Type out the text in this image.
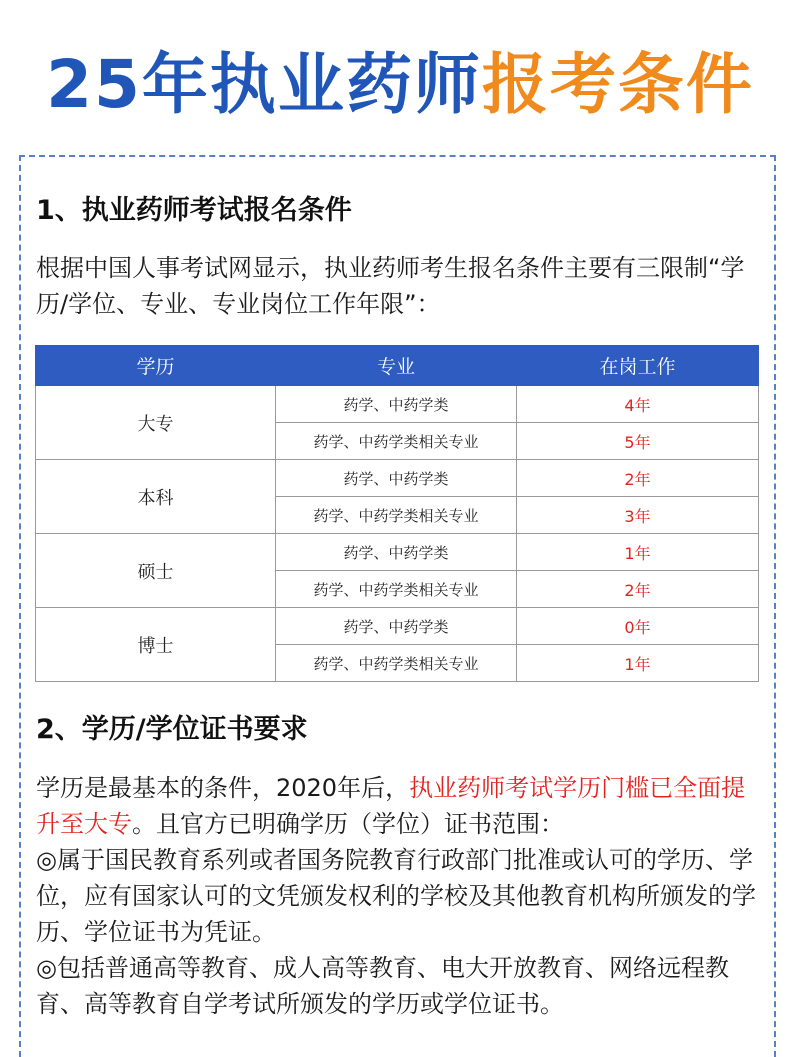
25年执业药师报考条件
1、执业药师考试报名条件
根据中国人事考试网显示，执业药师考生报名条件主要有三限制“学历/学位、专业、专业岗位工作年限”：
学历	专业	在岗工作
大专	药学、中药学类	4年
	药学、中药学类相关专业	5年
本科	药学、中药学类	2年
	药学、中药学类相关专业	3年
硕士	药学、中药学类	1年
	药学、中药学类相关专业	2年
博士	药学、中药学类	0年
	药学、中药学类相关专业	1年
2、学历/学位证书要求
学历是最基本的条件，2020年后，执业药师考试学历门槛已全面提升至大专。且官方已明确学历（学位）证书范围：
◎属于国民教育系列或者国务院教育行政部门批准或认可的学历、学位，应有国家认可的文凭颁发权利的学校及其他教育机构所颁发的学历、学位证书为凭证。
◎包括普通高等教育、成人高等教育、电大开放教育、网络远程教育、高等教育自学考试所颁发的学历或学位证书。
